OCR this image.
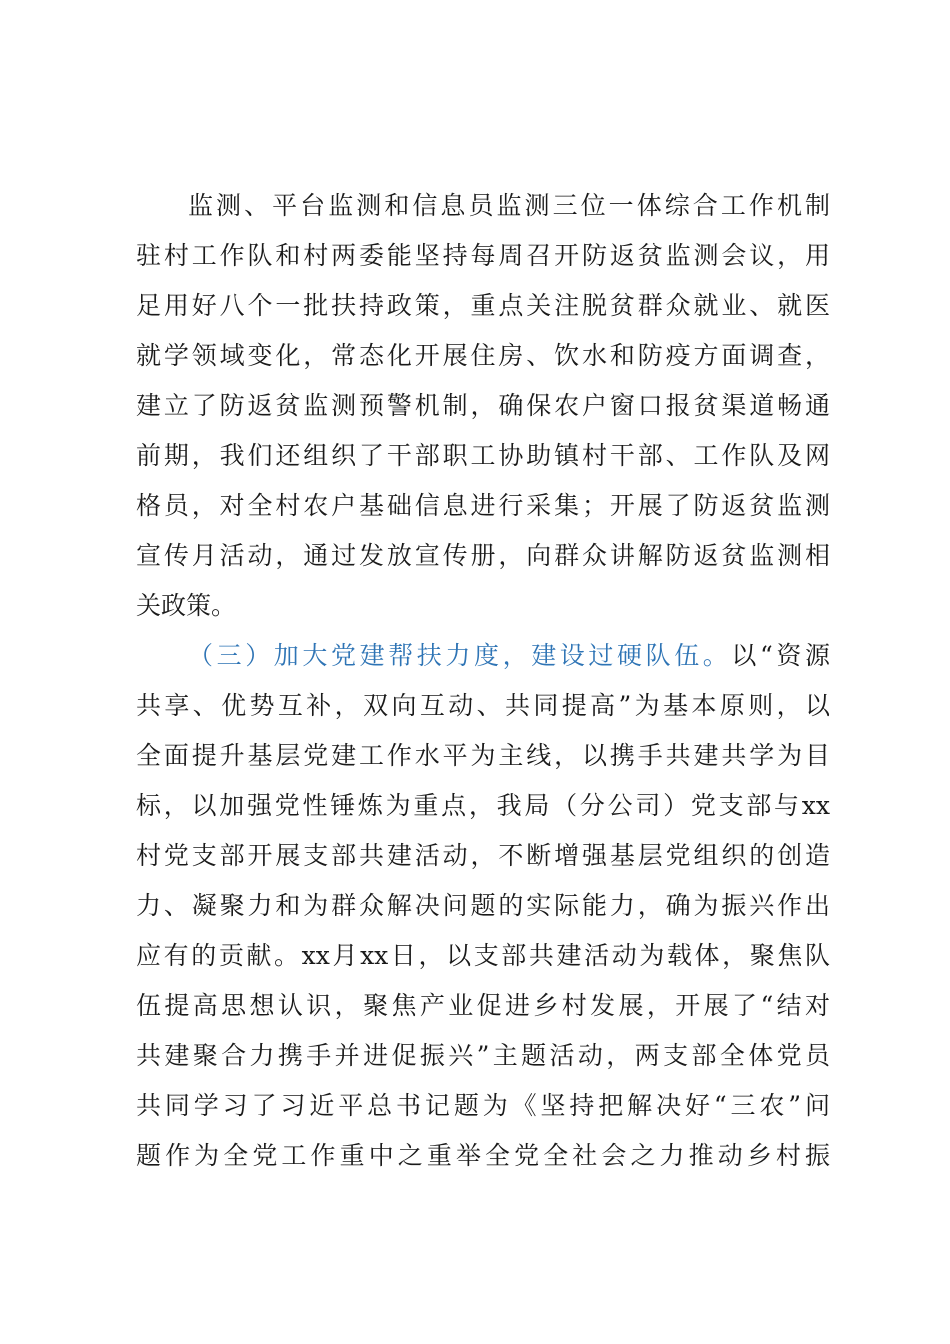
监测、平台监测和信息员监测三位一体综合工作机制
驻村工作队和村两委能坚持每周召开防返贫监测会议，用
足用好八个一批扶持政策，重点关注脱贫群众就业、就医
就学领域变化，常态化开展住房、饮水和防疫方面调查，
建立了防返贫监测预警机制，确保农户窗口报贫渠道畅通
前期，我们还组织了干部职工协助镇村干部、工作队及网
格员，对全村农户基础信息进行采集；开展了防返贫监测
宣传月活动，通过发放宣传册，向群众讲解防返贫监测相
关政策。
（三）加大党建帮扶力度，建设过硬队伍。以“资源
共享、优势互补，双向互动、共同提高”为基本原则，以
全面提升基层党建工作水平为主线，以携手共建共学为目
标，以加强党性锤炼为重点，我局（分公司）党支部与xx
村党支部开展支部共建活动，不断增强基层党组织的创造
力、凝聚力和为群众解决问题的实际能力，确为振兴作出
应有的贡献。xx月xx日，以支部共建活动为载体，聚焦队
伍提高思想认识，聚焦产业促进乡村发展，开展了“结对
共建聚合力携手并进促振兴”主题活动，两支部全体党员
共同学习了习近平总书记题为《坚持把解决好“三农”问
题作为全党工作重中之重举全党全社会之力推动乡村振
